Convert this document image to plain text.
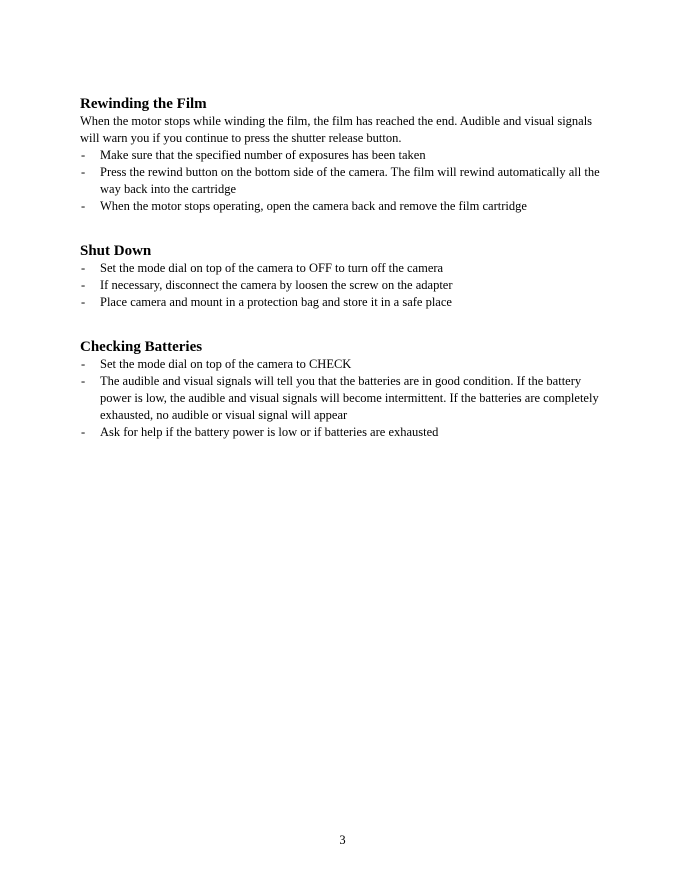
Rewinding the Film

When the motor stops while winding the film, the film has reached the end. Audible and visual signals will warn you if you continue to press the shutter release button.

- Make sure that the specified number of exposures has been taken
- Press the rewind button on the bottom side of the camera. The film will rewind automatically all the way back into the cartridge
- When the motor stops operating, open the camera back and remove the film cartridge
Shut Down
- Set the mode dial on top of the camera to OFF to turn off the camera
- If necessary, disconnect the camera by loosen the screw on the adapter
- Place camera and mount in a protection bag and store it in a safe place
Checking Batteries
- Set the mode dial on top of the camera to CHECK
- The audible and visual signals will tell you that the batteries are in good condition. If the battery power is low, the audible and visual signals will become intermittent. If the batteries are completely exhausted, no audible or visual signal will appear
- Ask for help if the battery power is low or if batteries are exhausted
3
